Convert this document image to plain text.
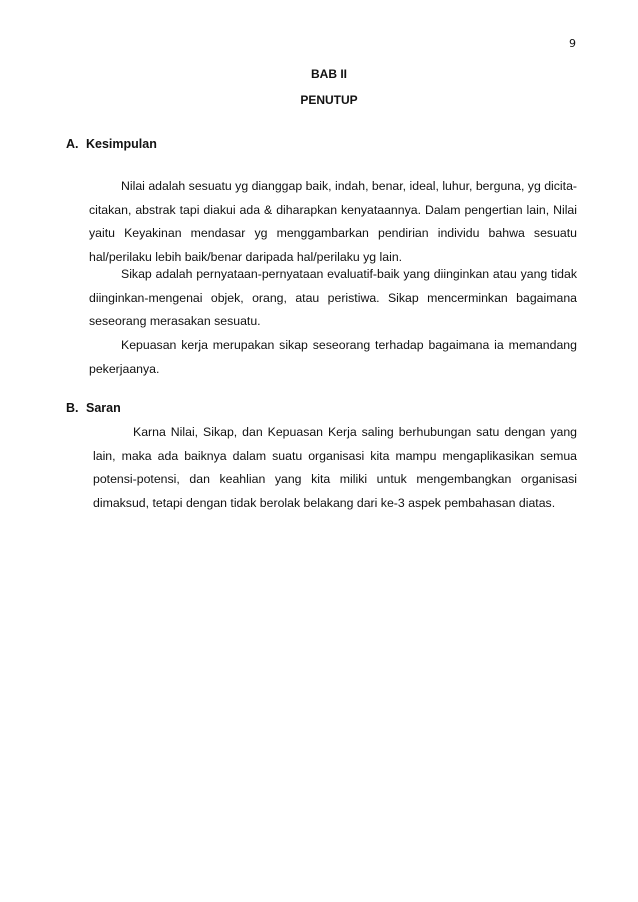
9
BAB II
PENUTUP
A. Kesimpulan

Nilai adalah sesuatu yg dianggap baik, indah, benar, ideal, luhur, berguna, yg dicita-citakan, abstrak tapi diakui ada & diharapkan kenyataannya. Dalam pengertian lain, Nilai yaitu Keyakinan mendasar yg menggambarkan pendirian individu bahwa sesuatu hal/perilaku lebih baik/benar daripada hal/perilaku yg lain.

Sikap adalah pernyataan-pernyataan evaluatif-baik yang diinginkan atau yang tidak diinginkan-mengenai objek, orang, atau peristiwa. Sikap mencerminkan bagaimana seseorang merasakan sesuatu.

Kepuasan kerja merupakan sikap seseorang terhadap bagaimana ia memandang pekerjaanya.

B. Saran

Karna Nilai, Sikap, dan Kepuasan Kerja saling berhubungan satu dengan yang lain, maka ada baiknya dalam suatu organisasi kita mampu mengaplikasikan semua potensi-potensi, dan keahlian yang kita miliki untuk mengembangkan organisasi dimaksud, tetapi dengan tidak berolak belakang dari ke-3 aspek pembahasan diatas.
